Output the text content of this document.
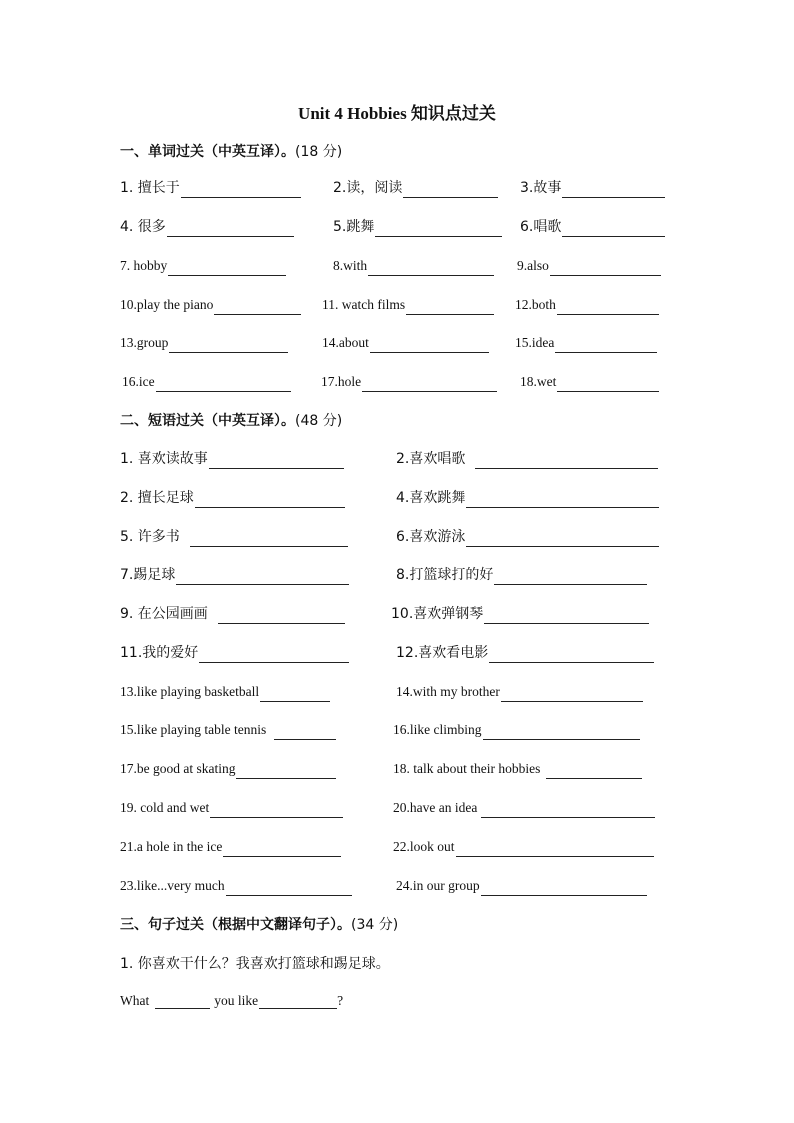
Unit 4 Hobbies 知识点过关
一、单词过关（中英互译）。(18 分)
1. 擅长于	2.读，阅读	3.故事
4. 很多	5.跳舞	6.唱歌
7. hobby	8.with	9.also
10.play the piano	11. watch films	12.both
13.group	14.about	15.idea
16.ice	17.hole	18.wet
二、短语过关（中英互译）。(48 分)
1. 喜欢读故事	2.喜欢唱歌
2. 擅长足球	4.喜欢跳舞
5. 许多书	6.喜欢游泳
7.踢足球	8.打篮球打的好
9. 在公园画画	10.喜欢弹钢琴
11.我的爱好	12.喜欢看电影
13.like playing basketball	14.with my brother
15.like playing table tennis	16.like climbing
17.be good at skating	18. talk about their hobbies
19. cold and wet	20.have an idea
21.a hole in the ice	22.look out
23.like...very much	24.in our group
三、句子过关（根据中文翻译句子）。(34 分)
1. 你喜欢干什么？我喜欢打篮球和踢足球。
What	you like	?
